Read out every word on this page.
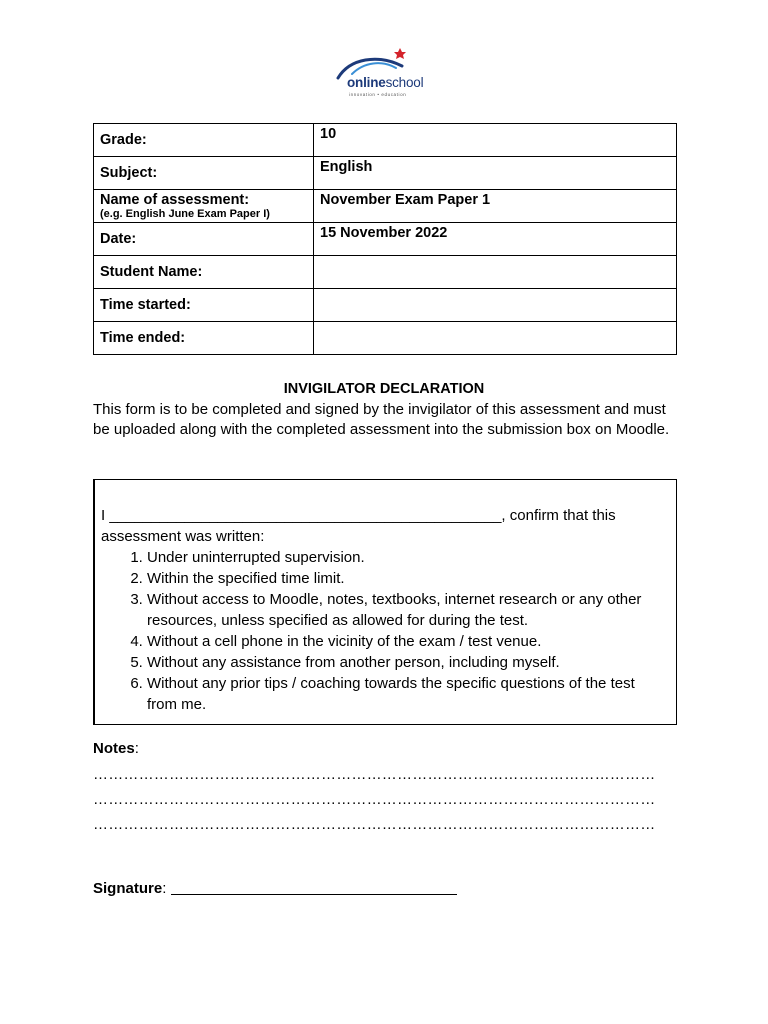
onlineschool
innovation • education
Grade:	10

Subject:	English

Name of assessment:
(e.g. English June Exam Paper I)	November Exam Paper 1

Date:	15 November 2022

Student Name:	

Time started:	

Time ended:	

INVIGILATOR DECLARATION
This form is to be completed and signed by the invigilator of this assessment and must be uploaded along with the completed assessment into the submission box on Moodle.
I _______________________________________________, confirm that this
assessment was written:
1. Under uninterrupted supervision.
2. Within the specified time limit.
3. Without access to Moodle, notes, textbooks, internet research or any other resources, unless specified as allowed for during the test.
4. Without a cell phone in the vicinity of the exam / test venue.
5. Without any assistance from another person, including myself.
6. Without any prior tips / coaching towards the specific questions of the test from me.
Notes:
…………………………………………………………………………………………………
…………………………………………………………………………………………………
…………………………………………………………………………………………………
Signature:
